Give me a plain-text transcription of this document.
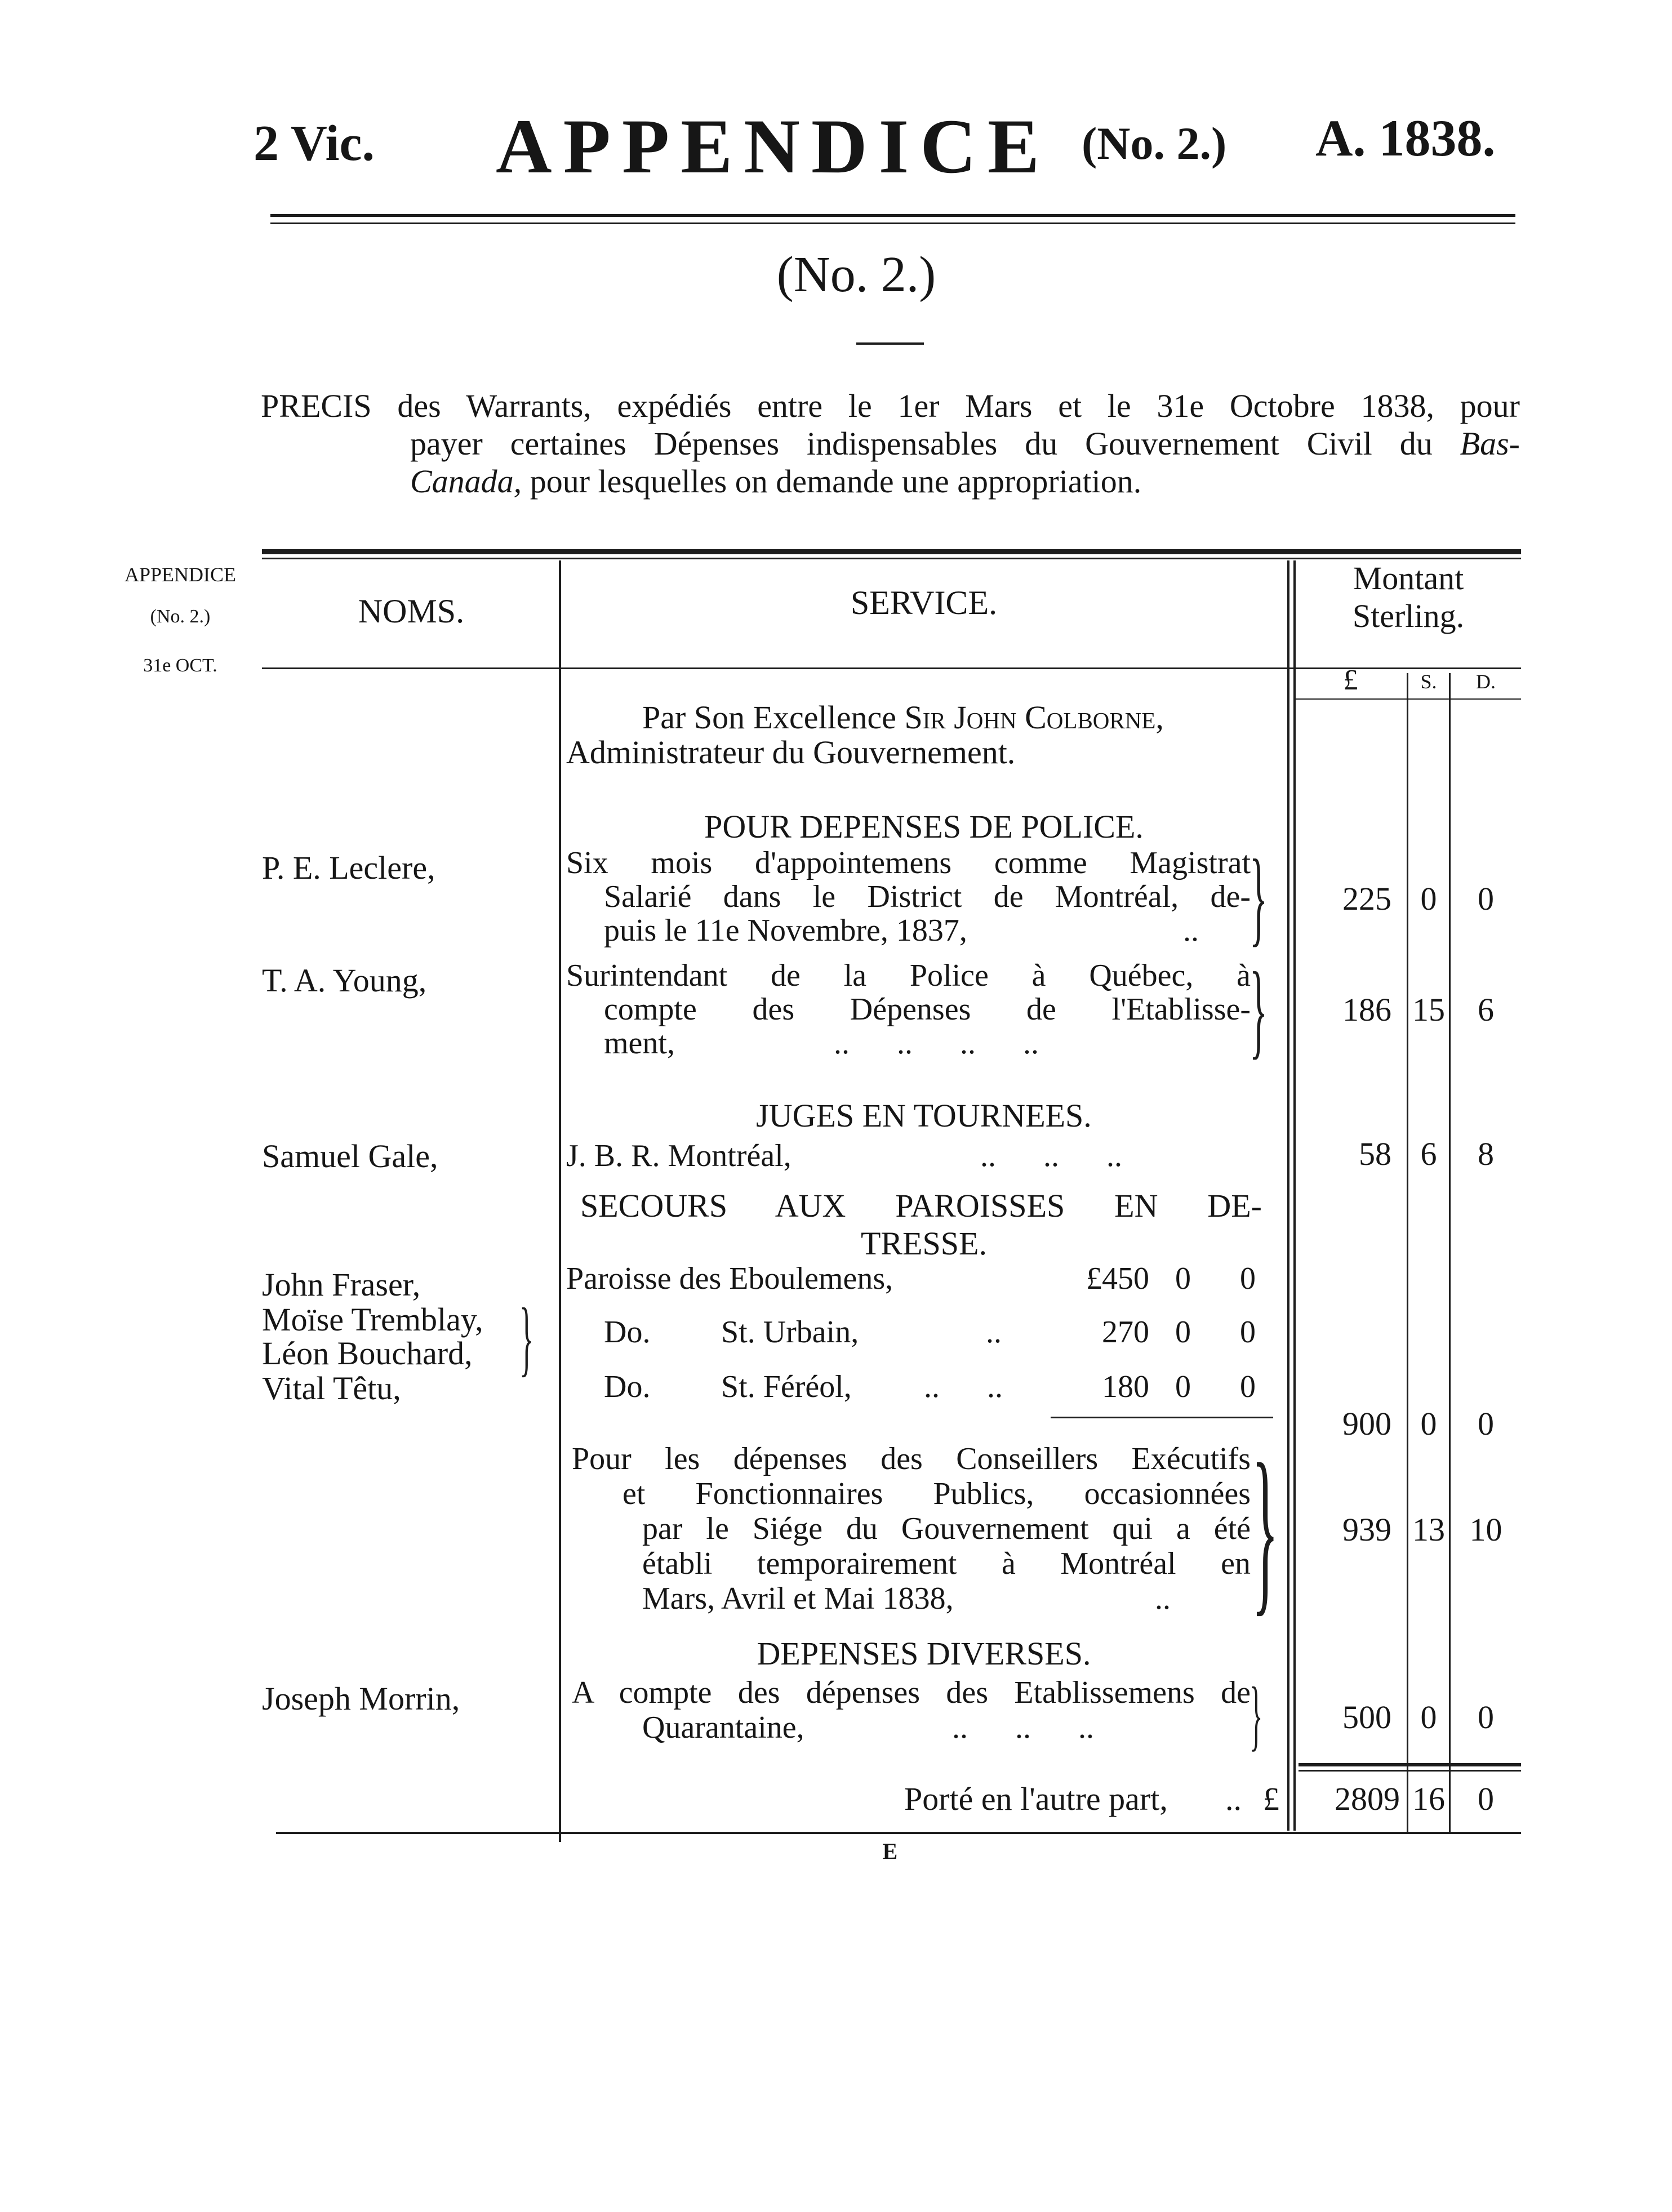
2 Vic. APPENDICE (No. 2.) A. 1838.
(No. 2.)
PRECIS des Warrants, expédiés entre le 1er Mars et le 31e Octobre 1838, pour
payer certaines Dépenses indispensables du Gouvernement Civil du Bas-
Canada, pour lesquelles on demande une appropriation.
APPENDICE
(No. 2.)
31e OCT.
NOMS.	SERVICE.
Montant
Sterling.
£	S.	D.
Par Son Excellence Sir John Colborne,
Administrateur du Gouvernement.
POUR DEPENSES DE POLICE.
P. E. Leclere,	Six mois d'appointemens comme Magistrat
Salarié dans le District de Montréal, de-
puis le 11e Novembre, 1837,	.. }	225 0	0
T. A. Young,	Surintendant de la Police à Québec, à
compte des Dépenses de l'Etablisse-
ment,	..      ..      ..      .. }	186 15	6
JUGES EN TOURNEES.
Samuel Gale,	J. B. R. Montréal,	..      ..      ..	58 6	8
SECOURS AUX PAROISSES EN DE-
TRESSE.
John Fraser,
Moïse Tremblay,
Léon Bouchard,
Vital Têtu,
}
Paroisse des Eboulemens,	£450 0 0
Do. St. Urbain,	..	270 0 0
Do. St. Féréol, ..      ..	180 0 0
900 0	0
Pour les dépenses des Conseillers Exécutifs
et Fonctionnaires Publics, occasionnées
par le Siége du Gouvernement qui a été
établi temporairement à Montréal en
Mars, Avril et Mai 1838,	.. }	939 13 10
DEPENSES DIVERSES.
Joseph Morrin,	A compte des dépenses des Etablissemens de
Quarantaine,	..      ..      .. }	500 0	0
Porté en l'autre part, .. £	2809 16	0
E
